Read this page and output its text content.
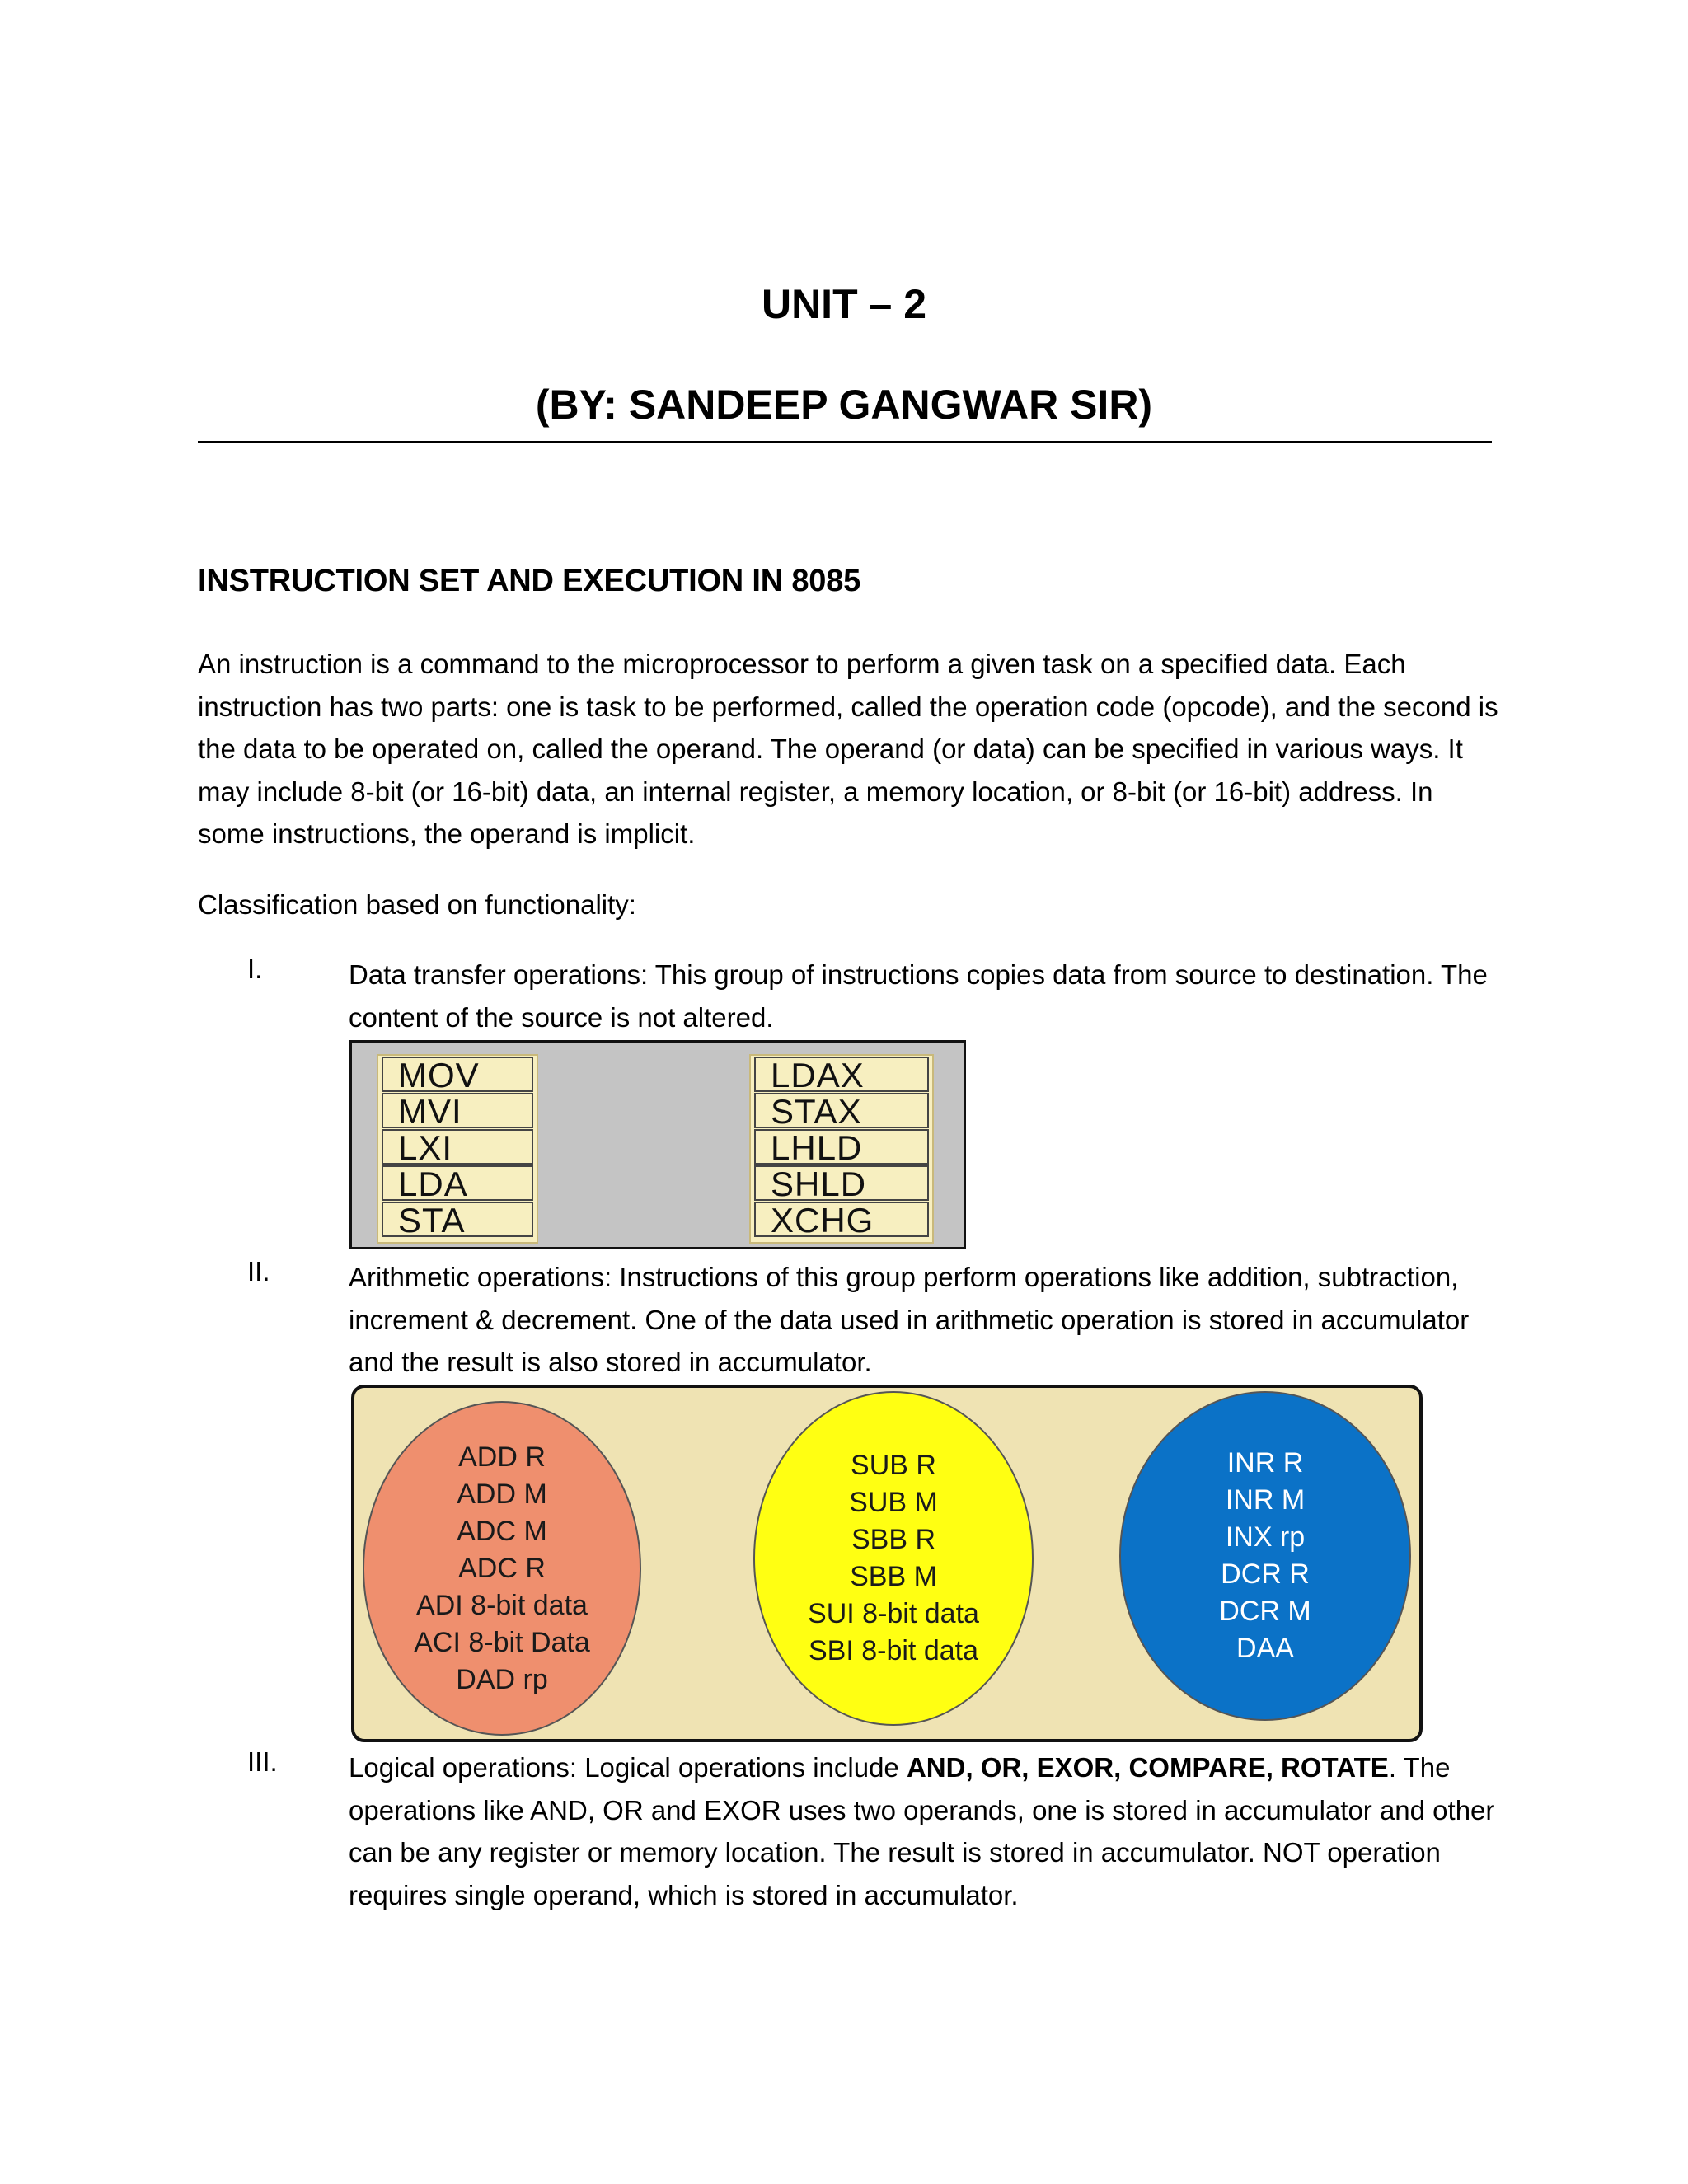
UNIT – 2
(BY: SANDEEP GANGWAR SIR)
INSTRUCTION SET AND EXECUTION IN 8085
An instruction is a command to the microprocessor to perform a given task on a specified data. Each instruction has two parts: one is task to be performed, called the operation code (opcode), and the second is the data to be operated on, called the operand. The operand (or data) can be specified in various ways. It may include 8-bit (or 16-bit) data, an internal register, a memory location, or 8-bit (or 16-bit) address. In some instructions, the operand is implicit.
Classification based on functionality:
I.	Data transfer operations: This group of instructions copies data from source to destination. The content of the source is not altered.
MOV
MVI
LXI
LDA
STA
LDAX
STAX
LHLD
SHLD
XCHG
II.	Arithmetic operations: Instructions of this group perform operations like addition, subtraction, increment & decrement. One of the data used in arithmetic operation is stored in accumulator and the result is also stored in accumulator.
ADD R
ADD M
ADC M
ADC R
ADI 8-bit data
ACI 8-bit Data
DAD rp
SUB R
SUB M
SBB R
SBB M
SUI 8-bit data
SBI 8-bit data
INR R
INR M
INX rp
DCR R
DCR M
DAA
III.	Logical operations: Logical operations include AND, OR, EXOR, COMPARE, ROTATE. The operations like AND, OR and EXOR uses two operands, one is stored in accumulator and other can be any register or memory location. The result is stored in accumulator. NOT operation requires single operand, which is stored in accumulator.
